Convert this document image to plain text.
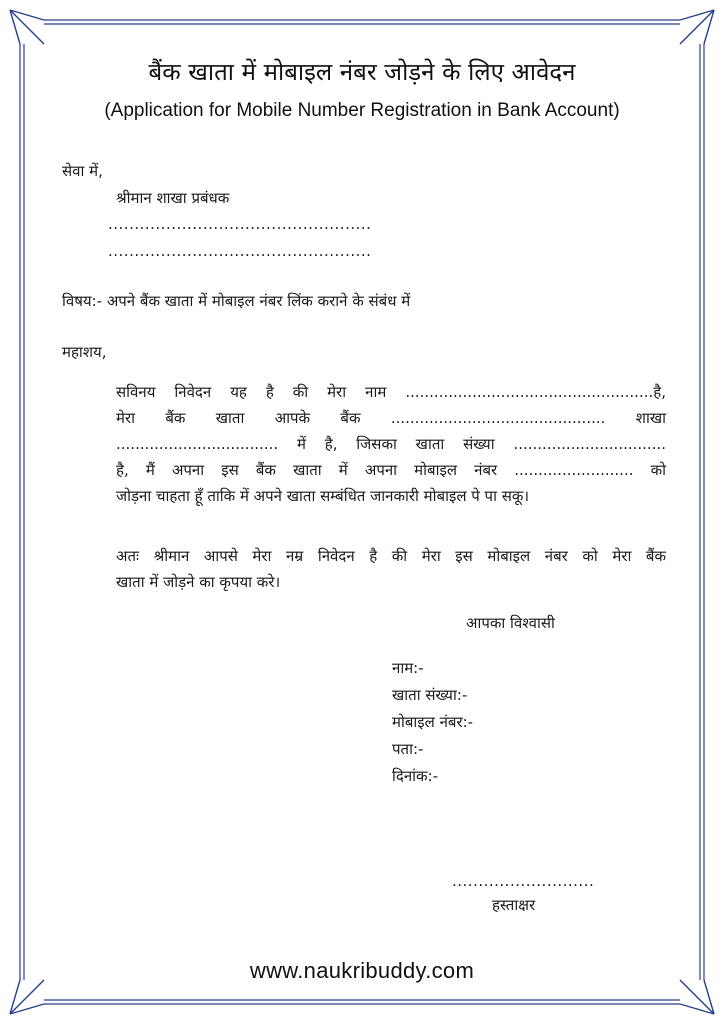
बैंक खाता में मोबाइल नंबर जोड़ने के लिए आवेदन
(Application for Mobile Number Registration in Bank Account)
सेवा में,
श्रीमान शाखा प्रबंधक
..................................................
..................................................
विषय:- अपने बैंक खाता में मोबाइल नंबर लिंक कराने के संबंध में
महाशय,
सविनय निवेदन यह है की मेरा नाम ....................................................है,
मेरा बैंक खाता आपके बैंक ............................................. शाखा
.................................. में है, जिसका खाता संख्या ................................
है, मैं अपना इस बैंक खाता में अपना मोबाइल नंबर ......................... को
जोड़ना चाहता हूँ ताकि में अपने खाता सम्बंधित जानकारी मोबाइल पे पा सकू।
अतः श्रीमान आपसे मेरा नम्र निवेदन है की मेरा इस मोबाइल नंबर को मेरा बैंक
खाता में जोड़ने का कृपया करे।
आपका विश्वासी
नाम:-
खाता संख्या:-
मोबाइल नंबर:-
पता:-
दिनांक:-
...........................
हस्ताक्षर
www.naukribuddy.com
